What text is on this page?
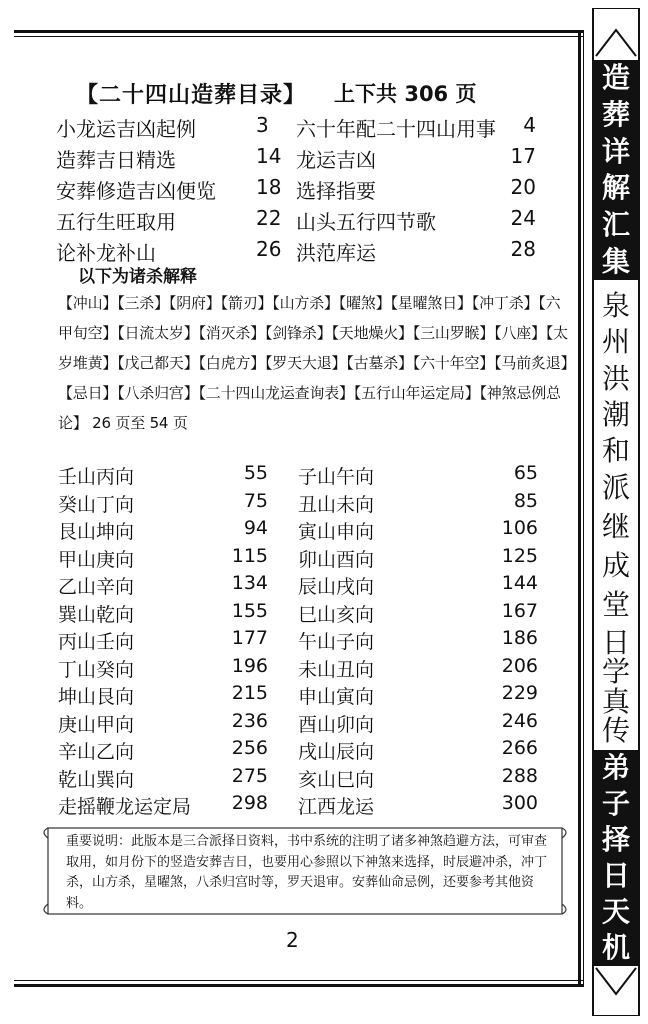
【二十四山造葬目录】 上下共 306 页
小龙运吉凶起例	3	六十年配二十四山用事	4
造葬吉日精选	14 龙运吉凶	17
安葬修造吉凶便览	18 选择指要	20
五行生旺取用	22 山头五行四节歌	24
论补龙补山	26 洪范库运	28
以下为诸杀解释
【冲山】【三杀】【阴府】【箭刃】【山方杀】【曜煞】【星曜煞日】【冲丁杀】【六甲旬空】【日流太岁】【消灭杀】【剑锋杀】【天地燥火】【三山罗睺】【八座】【太岁堆黄】【戊己都天】【白虎方】【罗天大退】【古墓杀】【六十年空】【马前炙退】【忌日】【八杀归宫】【二十四山龙运查询表】【五行山年运定局】【神煞忌例总论】 26 页至 54 页
壬山丙向	55 子山午向	65
癸山丁向	75 丑山未向	85
艮山坤向	94 寅山申向	106
甲山庚向	115 卯山酉向	125
乙山辛向	134 辰山戌向	144
巽山乾向	155 巳山亥向	167
丙山壬向	177 午山子向	186
丁山癸向	196 未山丑向	206
坤山艮向	215 申山寅向	229
庚山甲向	236 酉山卯向	246
辛山乙向	256 戌山辰向	266
乾山巽向	275 亥山巳向	288
走摇鞭龙运定局	298 江西龙运	300
重要说明：此版本是三合派择日资料，书中系统的注明了诸多神煞趋避方法，可审查取用，如月份下的竖造安葬吉日，也要用心参照以下神煞来选择，时辰避冲杀，冲丁杀，山方杀，星曜煞，八杀归宫时等，罗天退审。安葬仙命忌例，还要参考其他资料。
2
造
葬
详
解
汇
集
泉
州
洪
潮
和
派
继
成
堂
日
学
真
传
弟
子
择
日
天
机
